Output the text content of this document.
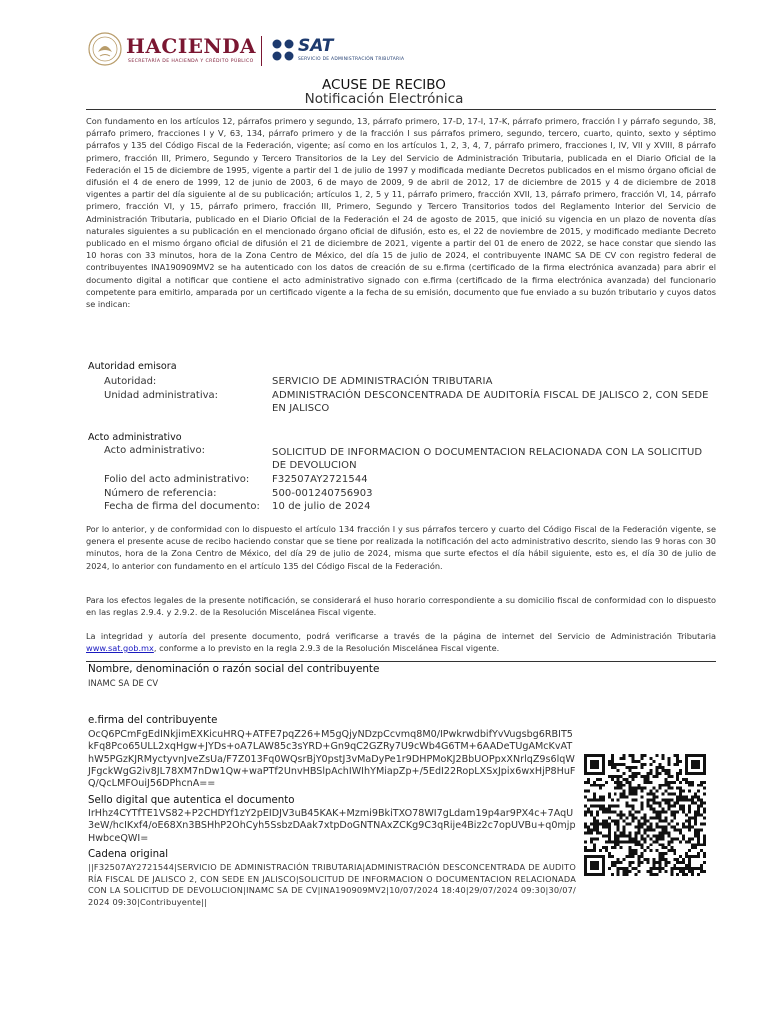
HACIENDA
SECRETARÍA DE HACIENDA Y CRÉDITO PÚBLICO
SAT
SERVICIO DE ADMINISTRACIÓN TRIBUTARIA
ACUSE DE RECIBO
Notificación Electrónica
Con fundamento en los artículos 12, párrafos primero y segundo, 13, párrafo primero, 17-D, 17-I, 17-K, párrafo primero, fracción I y párrafo segundo, 38, párrafo primero, fracciones I y V, 63, 134, párrafo primero y de la fracción I sus párrafos primero, segundo, tercero, cuarto, quinto, sexto y séptimo párrafos y 135 del Código Fiscal de la Federación, vigente; así como en los artículos 1, 2, 3, 4, 7, párrafo primero, fracciones I, IV, VII y XVIII, 8 párrafo primero, fracción III, Primero, Segundo y Tercero Transitorios de la Ley del Servicio de Administración Tributaria, publicada en el Diario Oficial de la Federación el 15 de diciembre de 1995, vigente a partir del 1 de julio de 1997 y modificada mediante Decretos publicados en el mismo órgano oficial de difusión el 4 de enero de 1999, 12 de junio de 2003, 6 de mayo de 2009, 9 de abril de 2012, 17 de diciembre de 2015 y 4 de diciembre de 2018 vigentes a partir del día siguiente al de su publicación; artículos 1, 2, 5 y 11, párrafo primero, fracción XVII, 13, párrafo primero, fracción VI, 14, párrafo primero, fracción VI, y 15, párrafo primero, fracción III, Primero, Segundo y Tercero Transitorios todos del Reglamento Interior del Servicio de Administración Tributaria, publicado en el Diario Oficial de la Federación el 24 de agosto de 2015, que inició su vigencia en un plazo de noventa días naturales siguientes a su publicación en el mencionado órgano oficial de difusión, esto es, el 22 de noviembre de 2015, y modificado mediante Decreto publicado en el mismo órgano oficial de difusión el 21 de diciembre de 2021, vigente a partir del 01 de enero de 2022, se hace constar que siendo las 10 horas con 33 minutos, hora de la Zona Centro de México, del día 15 de julio de 2024, el contribuyente INAMC SA DE CV con registro federal de contribuyentes INA190909MV2 se ha autenticado con los datos de creación de su e.firma (certificado de la firma electrónica avanzada) para abrir el documento digital a notificar que contiene el acto administrativo signado con e.firma (certificado de la firma electrónica avanzada) del funcionario competente para emitirlo, amparada por un certificado vigente a la fecha de su emisión, documento que fue enviado a su buzón tributario y cuyos datos se indican:
Autoridad emisora
Autoridad:	SERVICIO DE ADMINISTRACIÓN TRIBUTARIA
Unidad administrativa:	ADMINISTRACIÓN DESCONCENTRADA DE AUDITORÍA FISCAL DE JALISCO 2, CON SEDE EN JALISCO
Acto administrativo
Acto administrativo:	SOLICITUD DE INFORMACION O DOCUMENTACION RELACIONADA CON LA SOLICITUD DE DEVOLUCION
Folio del acto administrativo: F32507AY2721544
Número de referencia:	500-001240756903
Fecha de firma del documento: 10 de julio de 2024
Por lo anterior, y de conformidad con lo dispuesto el artículo 134 fracción I y sus párrafos tercero y cuarto del Código Fiscal de la Federación vigente, se genera el presente acuse de recibo haciendo constar que se tiene por realizada la notificación del acto administrativo descrito, siendo las 9 horas con 30 minutos, hora de la Zona Centro de México, del día 29 de julio de 2024, misma que surte efectos el día hábil siguiente, esto es, el día 30 de julio de 2024, lo anterior con fundamento en el artículo 135 del Código Fiscal de la Federación.
Para los efectos legales de la presente notificación, se considerará el huso horario correspondiente a su domicilio fiscal de conformidad con lo dispuesto en las reglas 2.9.4. y 2.9.2. de la Resolución Miscelánea Fiscal vigente.
La integridad y autoría del presente documento, podrá verificarse a través de la página de internet del Servicio de Administración Tributaria www.sat.gob.mx, conforme a lo previsto en la regla 2.9.3 de la Resolución Miscelánea Fiscal vigente.
Nombre, denominación o razón social del contribuyente
INAMC SA DE CV
e.firma del contribuyente
OcQ6PCmFgEdINkjimEXKicuHRQ+ATFE7pqZ26+M5gQjyNDzpCcvmq8M0/IPwkrwdbifYvVugsbg6RBIT5kFq8Pco65ULL2xqHgw+JYDs+oA7LAW85c3sYRD+Gn9qC2GZRy7U9cWb4G6TM+6AADeTUgAMcKvAThW5PGzKJRMyctyvnJveZsUa/F7Z013Fq0WQsrBjY0pstJ3vMaDyPe1r9DHPMoKJ2BbUOPpxXNrlqZ9s6lqWJFgckWgG2iv8JL78XM7nDw1Qw+waPTf2UnvHBSlpAchIWIhYMiapZp+/5EdI22RopLXSxJpix6wxHjP8HuFQ/QcLMFOuiJ56DPhcnA==
Sello digital que autentica el documento
IrHhz4CYTfTE1VS82+P2CHDYf1zY2pEIDJV3uB45KAK+Mzmi9BkiTXO78WI7gLdam19p4ar9PX4c+7AqU3eW/hcIKxf4/oE68Xn3BSHhP2OhCyh5SsbzDAak7xtpDoGNTNAxZCKg9C3qRije4Biz2c7opUVBu+q0mjpHwbceQWI=
Cadena original
||F32507AY2721544|SERVICIO DE ADMINISTRACIÓN TRIBUTARIA|ADMINISTRACIÓN DESCONCENTRADA DE AUDITORÍA FISCAL DE JALISCO 2, CON SEDE EN JALISCO|SOLICITUD DE INFORMACION O DOCUMENTACION RELACIONADA CON LA SOLICITUD DE DEVOLUCION|INAMC SA DE CV|INA190909MV2|10/07/2024 18:40|29/07/2024 09:30|30/07/2024 09:30|Contribuyente||
